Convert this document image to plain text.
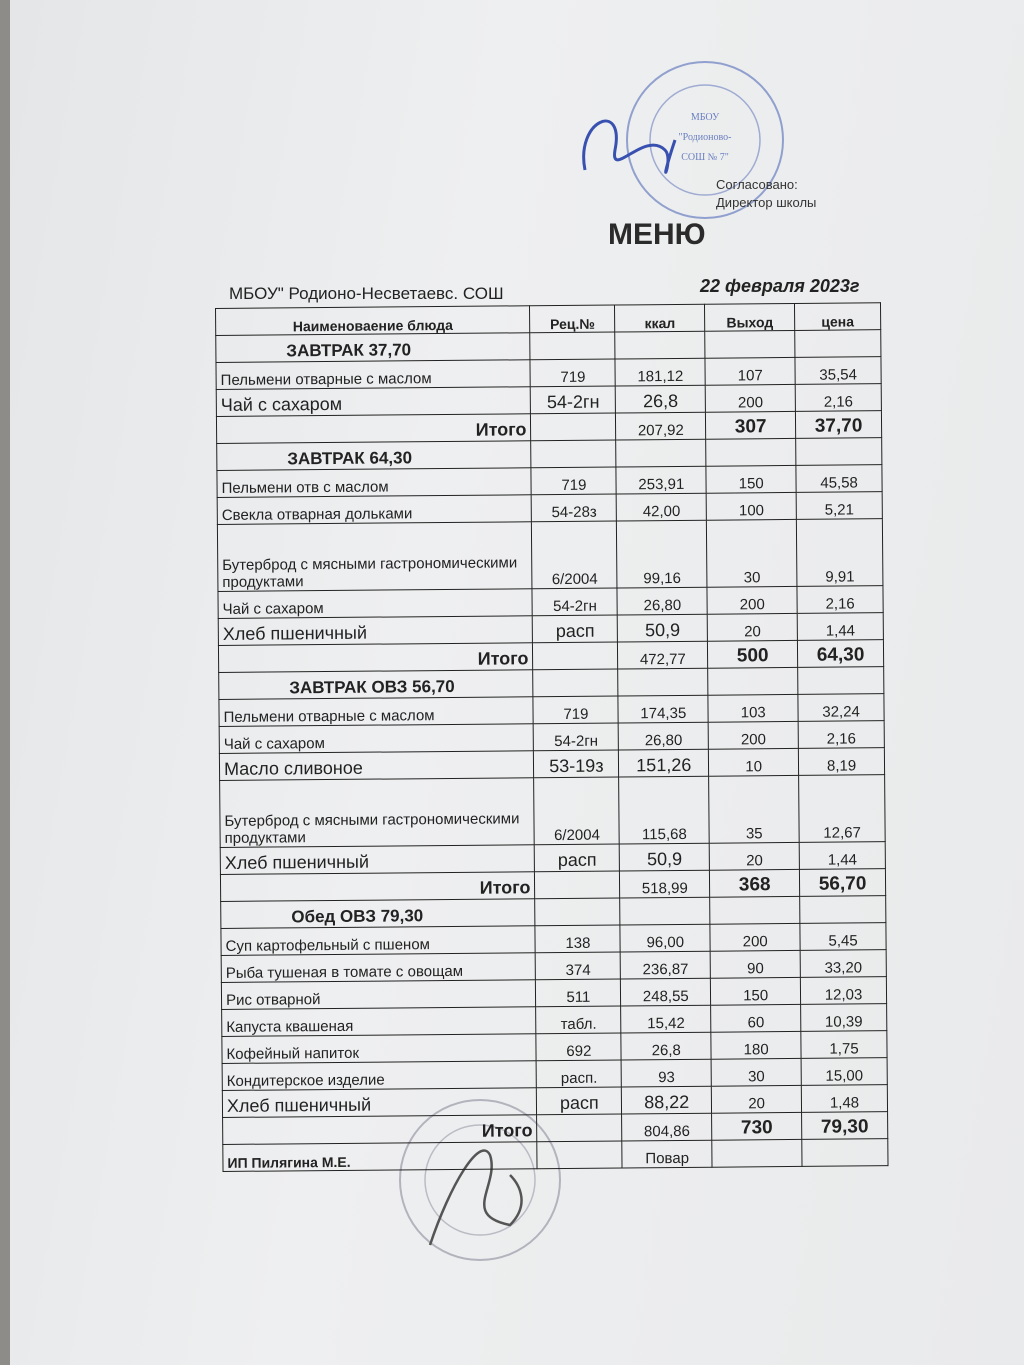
МБОУ
"Родионово-
СОШ № 7"
Согласовано:
Директор школы
МЕНЮ
МБОУ" Родионо-Несветаевс. СОШ	22 февраля 2023г
Наименоваение блюда	Рец.№	ккал	Выход	цена
ЗАВТРАК 37,70				
Пельмени отварные с маслом	719	181,12	107	35,54
Чай с сахаром	54-2гн	26,8	200	2,16
Итого		207,92	307	37,70
ЗАВТРАК 64,30				
Пельмени отв с маслом	719	253,91	150	45,58
Свекла отварная дольками	54-28з	42,00	100	5,21
Бутерброд с мясными гастрономическими продуктами	6/2004	99,16	30	9,91
Чай с сахаром	54-2гн	26,80	200	2,16
Хлеб пшеничный	расп	50,9	20	1,44
Итого		472,77	500	64,30
ЗАВТРАК ОВЗ 56,70				
Пельмени отварные с маслом	719	174,35	103	32,24
Чай с сахаром	54-2гн	26,80	200	2,16
Масло сливоное	53-19з	151,26	10	8,19
Бутерброд с мясными гастрономическими продуктами	6/2004	115,68	35	12,67
Хлеб пшеничный	расп	50,9	20	1,44
Итого		518,99	368	56,70
Обед ОВЗ 79,30				
Суп картофельный с пшеном	138	96,00	200	5,45
Рыба тушеная в томате с овощам	374	236,87	90	33,20
Рис отварной	511	248,55	150	12,03
Капуста квашеная	табл.	15,42	60	10,39
Кофейный напиток	692	26,8	180	1,75
Кондитерское изделие	расп.	93	30	15,00
Хлеб пшеничный	расп	88,22	20	1,48
Итого		804,86	730	79,30
ИП Пилягина М.Е.		Повар		
